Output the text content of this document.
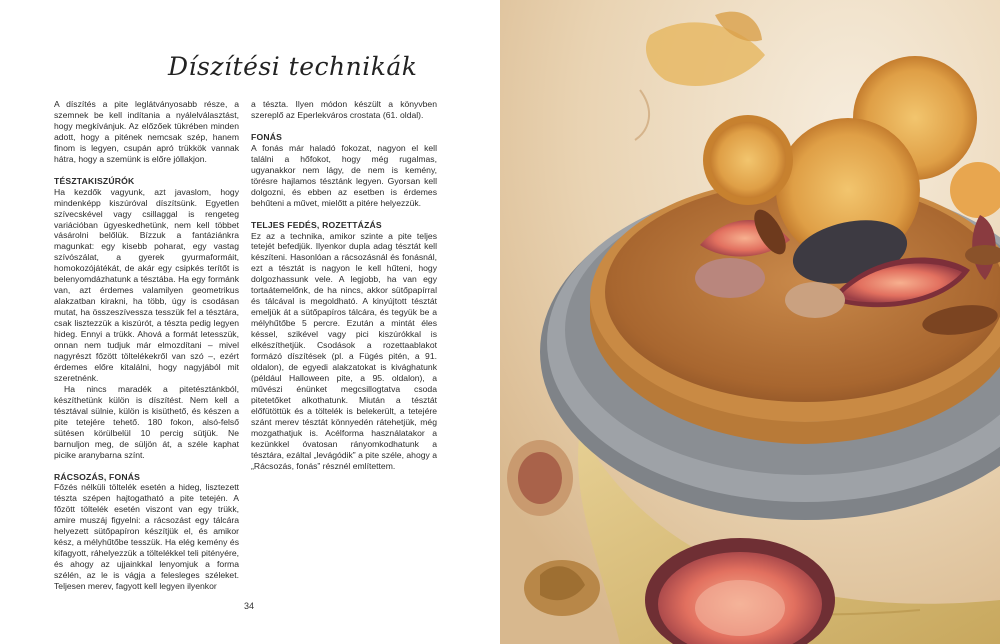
Díszítési technikák

A díszítés a pite leglátványosabb része, a szemnek be kell indítania a nyálelválasztást, hogy megkívánjuk. Az előzőek tükrében minden adott, hogy a pitének nemcsak szép, hanem finom is legyen, csupán apró trükkök vannak hátra, hogy a szemünk is előre jóllakjon.

TÉSZTAKISZÚRÓK

Ha kezdők vagyunk, azt javaslom, hogy mindenképp kiszúróval díszítsünk. Egyetlen szívecskével vagy csillaggal is rengeteg variációban ügyeskedhetünk, nem kell többet vásárolni belőlük. Bízzuk a fantáziánkra magunkat: egy kisebb poharat, egy vastag szívószálat, a gyerek gyurmaformáit, homokozójátékát, de akár egy csipkés terítőt is belenyomdázhatunk a tésztába. Ha egy formánk van, azt érdemes valamilyen geometrikus alakzatban kirakni, ha több, úgy is csodásan mutat, ha összeszívessza tesszük fel a tésztára, csak lisztezzük a kiszúrót, a tészta pedig legyen hideg. Ennyi a trükk. Ahová a formát letesszük, onnan nem tudjuk már elmozdítani – mivel nagyrészt főzött töltelékekről van szó –, ezért érdemes előre kitalálni, hogy nagyjából mit szeretnénk.

Ha nincs maradék a pitetésztánkból, készíthetünk külön is díszítést. Nem kell a tésztával sülnie, külön is kisüthető, és készen a pite tetejére tehető. 180 fokon, alsó-felső sütésen körülbelül 10 percig sütjük. Ne barnuljon meg, de süljön át, a széle kaphat picike aranybarna színt.

RÁCSOZÁS, FONÁS

Főzés nélküli töltelék esetén a hideg, lisztezett tészta szépen hajtogatható a pite tetején. A főzött töltelék esetén viszont van egy trükk, amire muszáj figyelni: a rácsozást egy tálcára helyezett sütőpapíron készítjük el, és amikor kész, a mélyhűtőbe tesszük. Ha elég kemény és kifagyott, ráhelyezzük a töltelékkel teli pitényére, és ahogy az ujjainkkal lenyomjuk a forma szélén, az le is vágja a felesleges széleket. Teljesen merev, fagyott kell legyen ilyenkor

a tészta. Ilyen módon készült a könyvben szereplő az Eperlekváros crostata (61. oldal).

FONÁS

A fonás már haladó fokozat, nagyon el kell találni a hőfokot, hogy még rugalmas, ugyanakkor nem lágy, de nem is kemény, törésre hajlamos tésztánk legyen. Gyorsan kell dolgozni, és ebben az esetben is érdemes behűteni a művet, mielőtt a pitére helyezzük.

TELJES FEDÉS, ROZETTÁZÁS

Ez az a technika, amikor szinte a pite teljes tetejét befedjük. Ilyenkor dupla adag tésztát kell készíteni. Hasonlóan a rácsozásnál és fonásnál, ezt a tésztát is nagyon le kell hűteni, hogy dolgozhassunk vele. A legjobb, ha van egy tortaátemelőnk, de ha nincs, akkor sütőpapírral és tálcával is megoldható. A kinyújtott tésztát emeljük át a sütőpapíros tálcára, és tegyük be a mélyhűtőbe 5 percre. Ezután a mintát éles késsel, szikével vagy pici kiszúrókkal is elkészíthetjük. Csodások a rozettaablakot formázó díszítések (pl. a Fügés pitén, a 91. oldalon), de egyedi alakzatokat is kivághatunk (például Halloween pite, a 95. oldalon), a művészi énünket megcsillogtatva csoda pitetetőket alkothatunk. Miután a tésztát előfütöttük és a töltelék is belekerült, a tetejére szánt merev tésztát könnyedén rátehetjük, még mozgathatjuk is. Acélforma használatakor a kezünkkel óvatosan rányomkodhatunk a tésztára, ezáltal „levágódik” a pite széle, ahogy a „Rácsozás, fonás” résznél említettem.

34
